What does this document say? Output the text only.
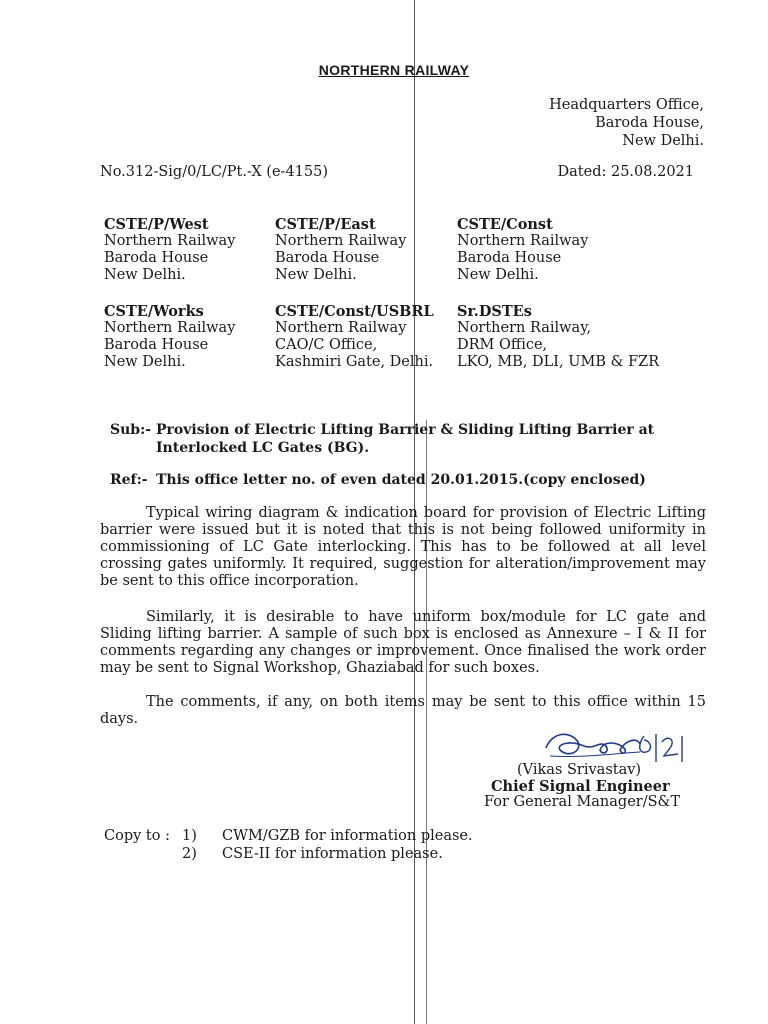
NORTHERN RAILWAY
Headquarters Office,
Baroda House,
New Delhi.
No.312-Sig/0/LC/Pt.-X (e-4155)	Dated: 25.08.2021
CSTE/P/West
Northern Railway
Baroda House
New Delhi.
CSTE/P/East
Northern Railway
Baroda House
New Delhi.
CSTE/Const
Northern Railway
Baroda House
New Delhi.
CSTE/Works
Northern Railway
Baroda House
New Delhi.
CSTE/Const/USBRL
Northern Railway
CAO/C Office,
Kashmiri Gate, Delhi.
Sr.DSTEs
Northern Railway,
DRM Office,
LKO, MB, DLI, UMB & FZR
Sub:- Provision of Electric Lifting Barrier & Sliding Lifting Barrier at
Interlocked LC Gates (BG).
Ref:- This office letter no. of even dated 20.01.2015.(copy enclosed)

Typical wiring diagram & indication board for provision of Electric Lifting barrier were issued but it is noted that this is not being followed uniformity in commissioning of LC Gate interlocking. This has to be followed at all level crossing gates uniformly. It required, suggestion for alteration/improvement may be sent to this office incorporation.

Similarly, it is desirable to have uniform box/module for LC gate and Sliding lifting barrier. A sample of such box is enclosed as Annexure – I & II for comments regarding any changes or improvement. Once finalised the work order may be sent to Signal Workshop, Ghaziabad for such boxes.

The comments, if any, on both items may be sent to this office within 15 days.

(Vikas Srivastav)
Chief Signal Engineer
For General Manager/S&T
Copy to : 1) CWM/GZB for information please.
2) CSE-II for information please.
